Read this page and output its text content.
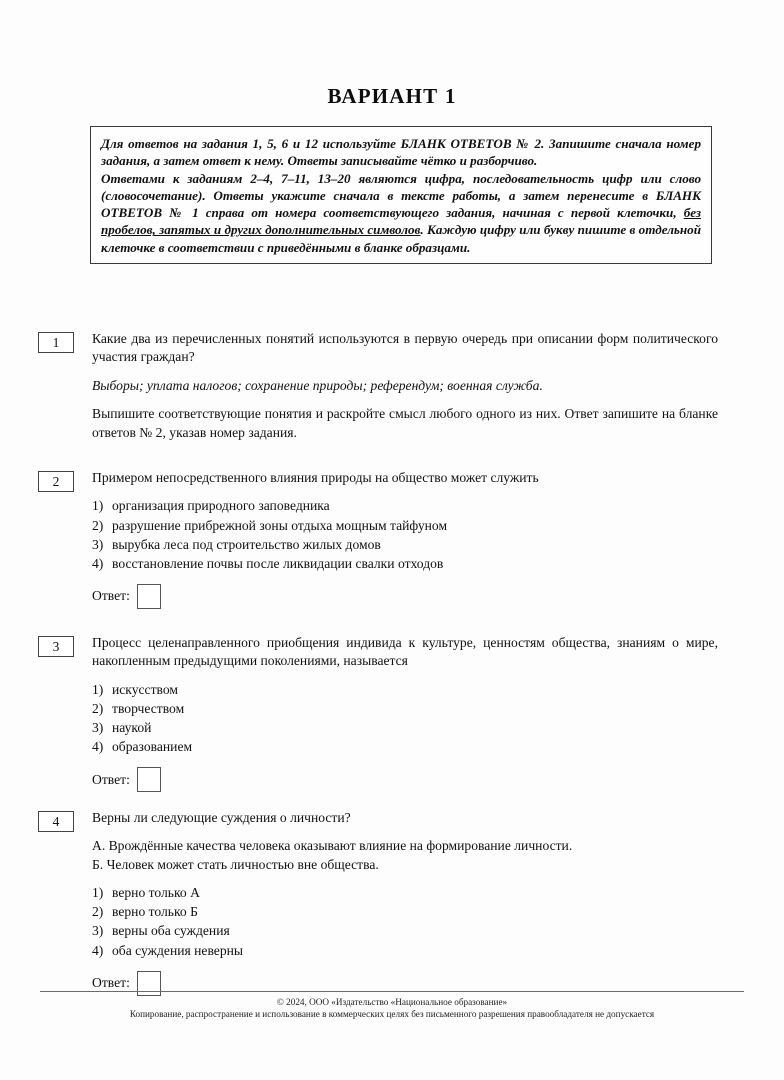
ВАРИАНТ 1

Для ответов на задания 1, 5, 6 и 12 используйте БЛАНК ОТВЕТОВ № 2. Запишите сначала номер задания, а затем ответ к нему. Ответы записывайте чётко и разборчиво.

Ответами к заданиям 2–4, 7–11, 13–20 являются цифра, последовательность цифр или слово (словосочетание). Ответы укажите сначала в тексте работы, а затем перенесите в БЛАНК ОТВЕТОВ № 1 справа от номера соответствующего задания, начиная с первой клеточки, без пробелов, запятых и других дополнительных символов. Каждую цифру или букву пишите в отдельной клеточке в соответствии с приведёнными в бланке образцами.

1	Какие два из перечисленных понятий используются в первую очередь при описании форм политического участия граждан?

Выборы; уплата налогов; сохранение природы; референдум; военная служба.

Выпишите соответствующие понятия и раскройте смысл любого одного из них. Ответ запишите на бланке ответов № 2, указав номер задания.

2	Примером непосредственного влияния природы на общество может служить

1) организация природного заповедника
2) разрушение прибрежной зоны отдыха мощным тайфуном
3) вырубка леса под строительство жилых домов
4) восстановление почвы после ликвидации свалки отходов
Ответ:
3	Процесс целенаправленного приобщения индивида к культуре, ценностям общества, знаниям о мире, накопленным предыдущими поколениями, называется

1) искусством
2) творчеством
3) наукой
4) образованием
Ответ:
4	Верны ли следующие суждения о личности?

А. Врождённые качества человека оказывают влияние на формирование личности.

Б. Человек может стать личностью вне общества.

1) верно только А
2) верно только Б
3) верны оба суждения
4) оба суждения неверны
Ответ:
© 2024, ООО «Издательство «Национальное образование»
Копирование, распространение и использование в коммерческих целях без письменного разрешения правообладателя не допускается
